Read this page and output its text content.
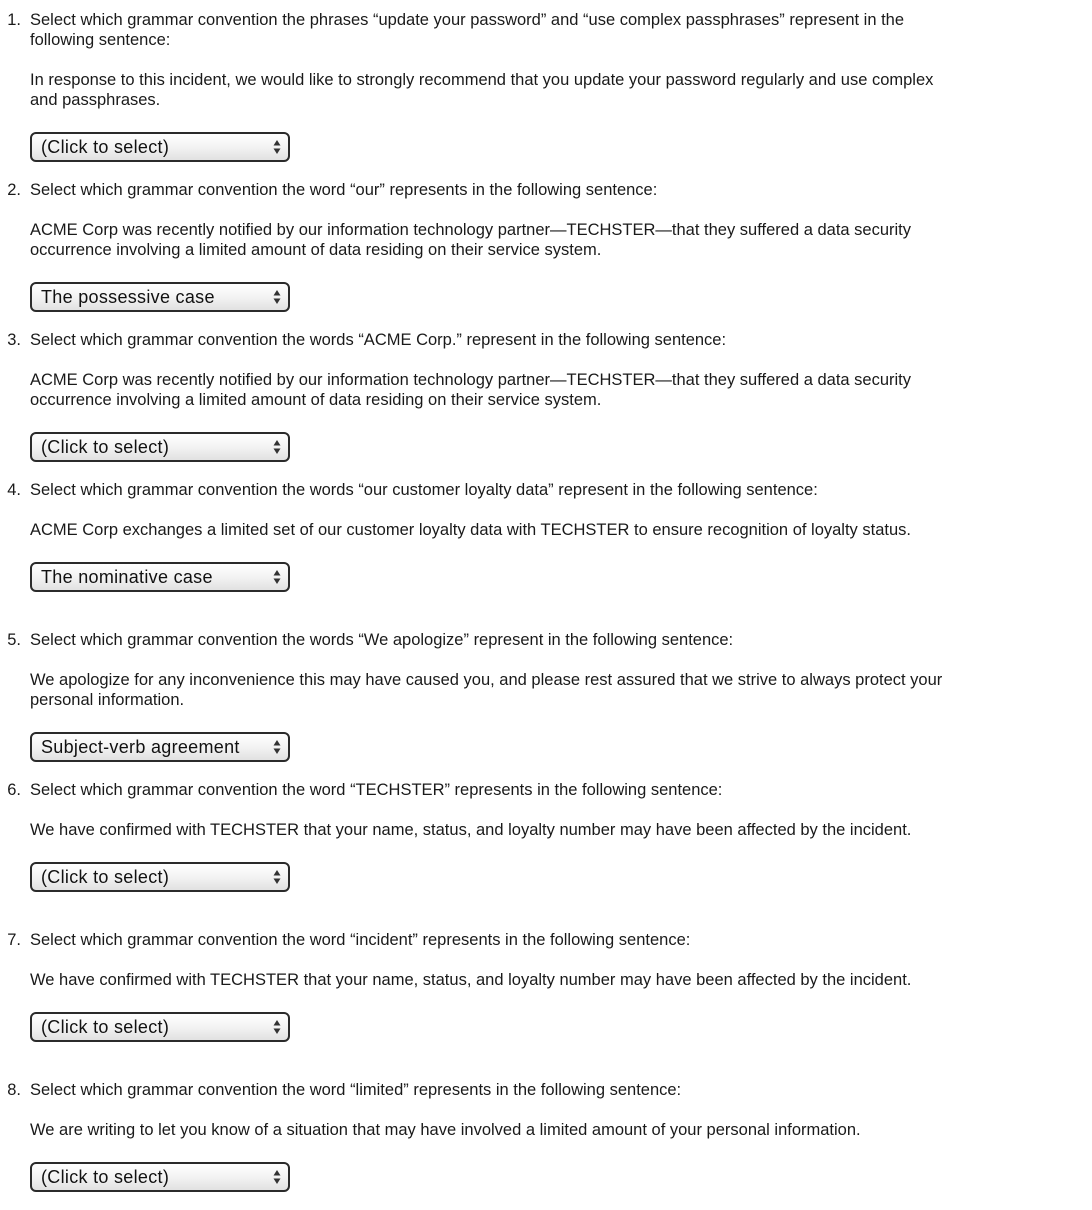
1. Select which grammar convention the phrases “update your password” and “use complex passphrases” represent in the following sentence:
In response to this incident, we would like to strongly recommend that you update your password regularly and use complex and passphrases.
(Click to select)
2. Select which grammar convention the word “our” represents in the following sentence:
ACME Corp was recently notified by our information technology partner—TECHSTER—that they suffered a data security occurrence involving a limited amount of data residing on their service system.
The possessive case
3. Select which grammar convention the words “ACME Corp.” represent in the following sentence:
ACME Corp was recently notified by our information technology partner—TECHSTER—that they suffered a data security occurrence involving a limited amount of data residing on their service system.
(Click to select)
4. Select which grammar convention the words “our customer loyalty data” represent in the following sentence:
ACME Corp exchanges a limited set of our customer loyalty data with TECHSTER to ensure recognition of loyalty status.
The nominative case
5. Select which grammar convention the words “We apologize” represent in the following sentence:
We apologize for any inconvenience this may have caused you, and please rest assured that we strive to always protect your personal information.
Subject-verb agreement
6. Select which grammar convention the word “TECHSTER” represents in the following sentence:
We have confirmed with TECHSTER that your name, status, and loyalty number may have been affected by the incident.
(Click to select)
7. Select which grammar convention the word “incident” represents in the following sentence:
We have confirmed with TECHSTER that your name, status, and loyalty number may have been affected by the incident.
(Click to select)
8. Select which grammar convention the word “limited” represents in the following sentence:
We are writing to let you know of a situation that may have involved a limited amount of your personal information.
(Click to select)
